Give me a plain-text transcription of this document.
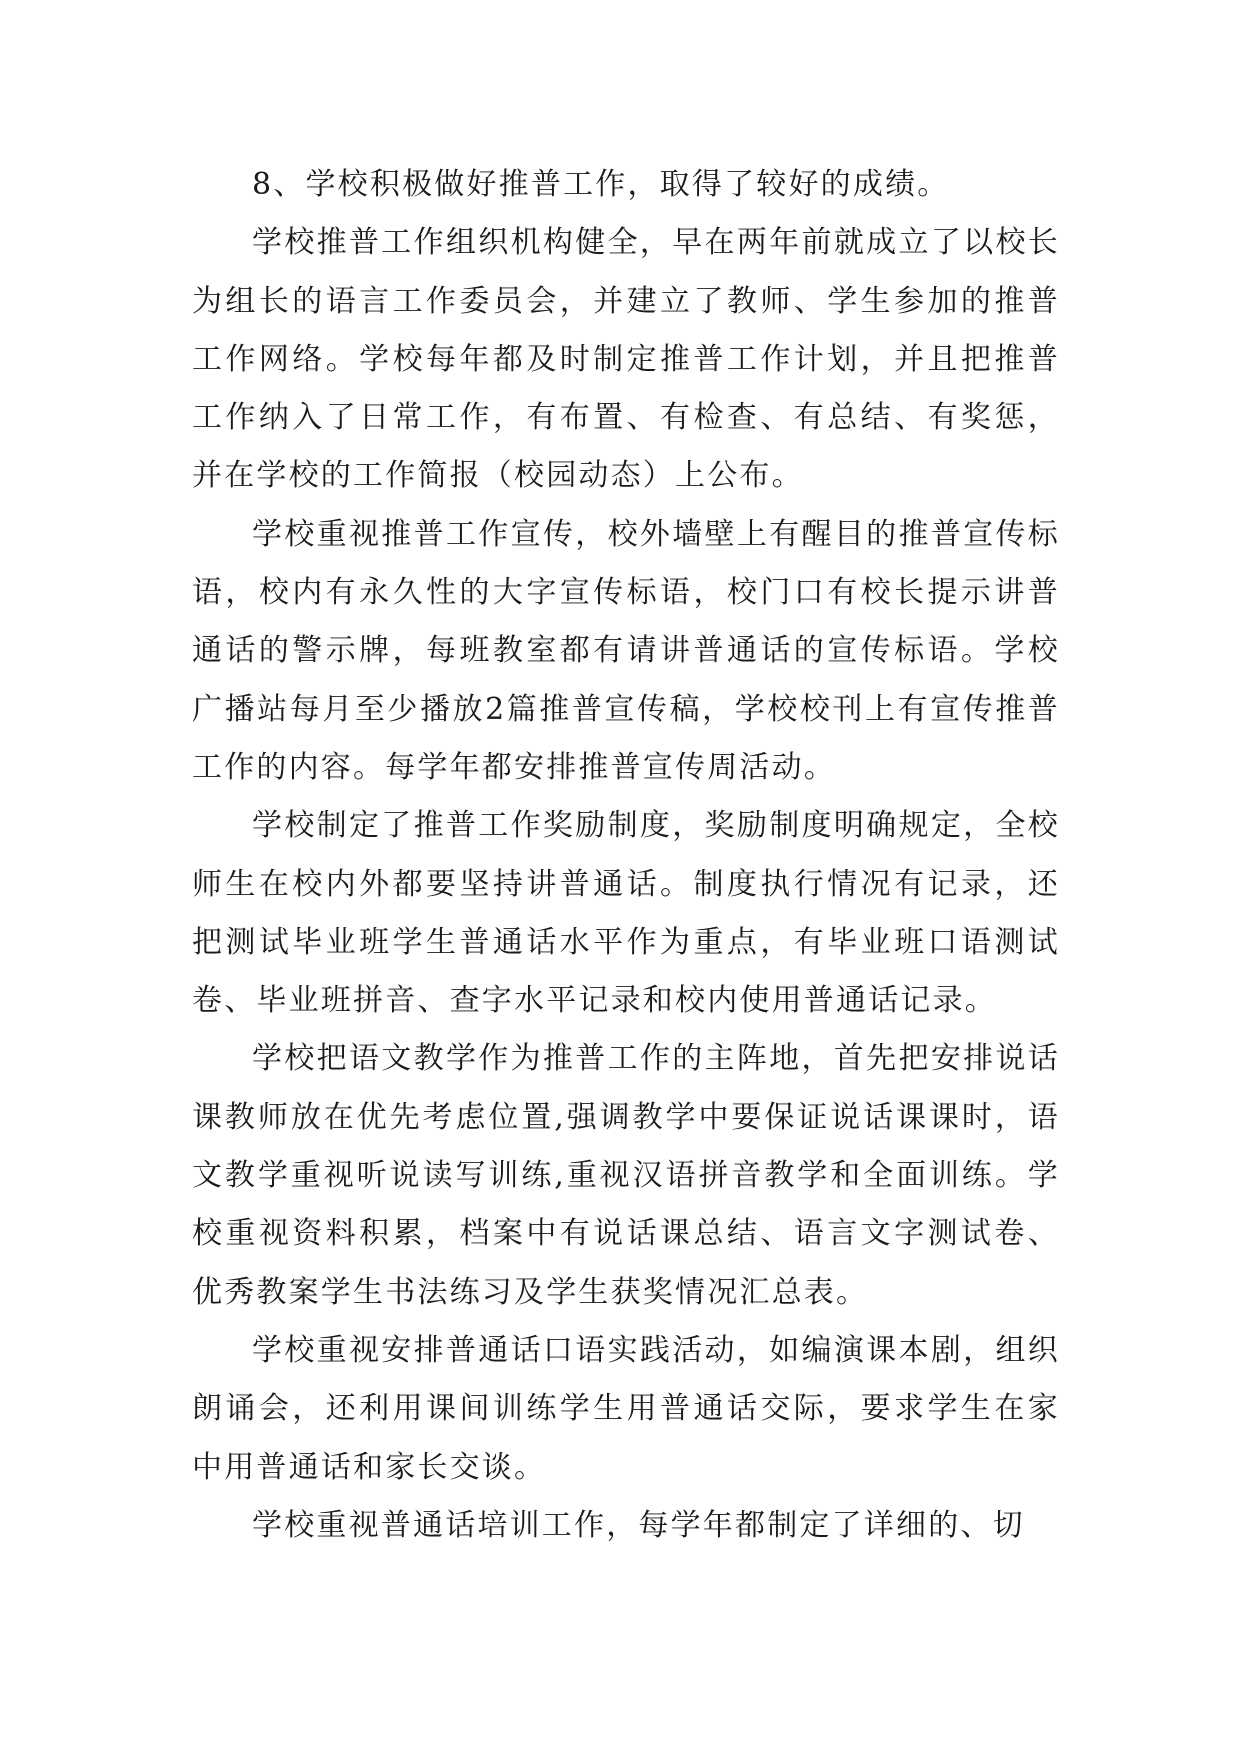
8、学校积极做好推普工作，取得了较好的成绩。

学校推普工作组织机构健全，早在两年前就成立了以校长为组长的语言工作委员会，并建立了教师、学生参加的推普工作网络。学校每年都及时制定推普工作计划，并且把推普工作纳入了日常工作，有布置、有检查、有总结、有奖惩，并在学校的工作简报（校园动态）上公布。

学校重视推普工作宣传，校外墙壁上有醒目的推普宣传标语，校内有永久性的大字宣传标语，校门口有校长提示讲普通话的警示牌，每班教室都有请讲普通话的宣传标语。学校广播站每月至少播放2篇推普宣传稿，学校校刊上有宣传推普工作的内容。每学年都安排推普宣传周活动。

学校制定了推普工作奖励制度，奖励制度明确规定，全校师生在校内外都要坚持讲普通话。制度执行情况有记录，还把测试毕业班学生普通话水平作为重点，有毕业班口语测试卷、毕业班拼音、查字水平记录和校内使用普通话记录。

学校把语文教学作为推普工作的主阵地，首先把安排说话课教师放在优先考虑位置,强调教学中要保证说话课课时，语文教学重视听说读写训练,重视汉语拼音教学和全面训练。学校重视资料积累，档案中有说话课总结、语言文字测试卷、优秀教案学生书法练习及学生获奖情况汇总表。

学校重视安排普通话口语实践活动，如编演课本剧，组织朗诵会，还利用课间训练学生用普通话交际，要求学生在家中用普通话和家长交谈。

学校重视普通话培训工作，每学年都制定了详细的、切
